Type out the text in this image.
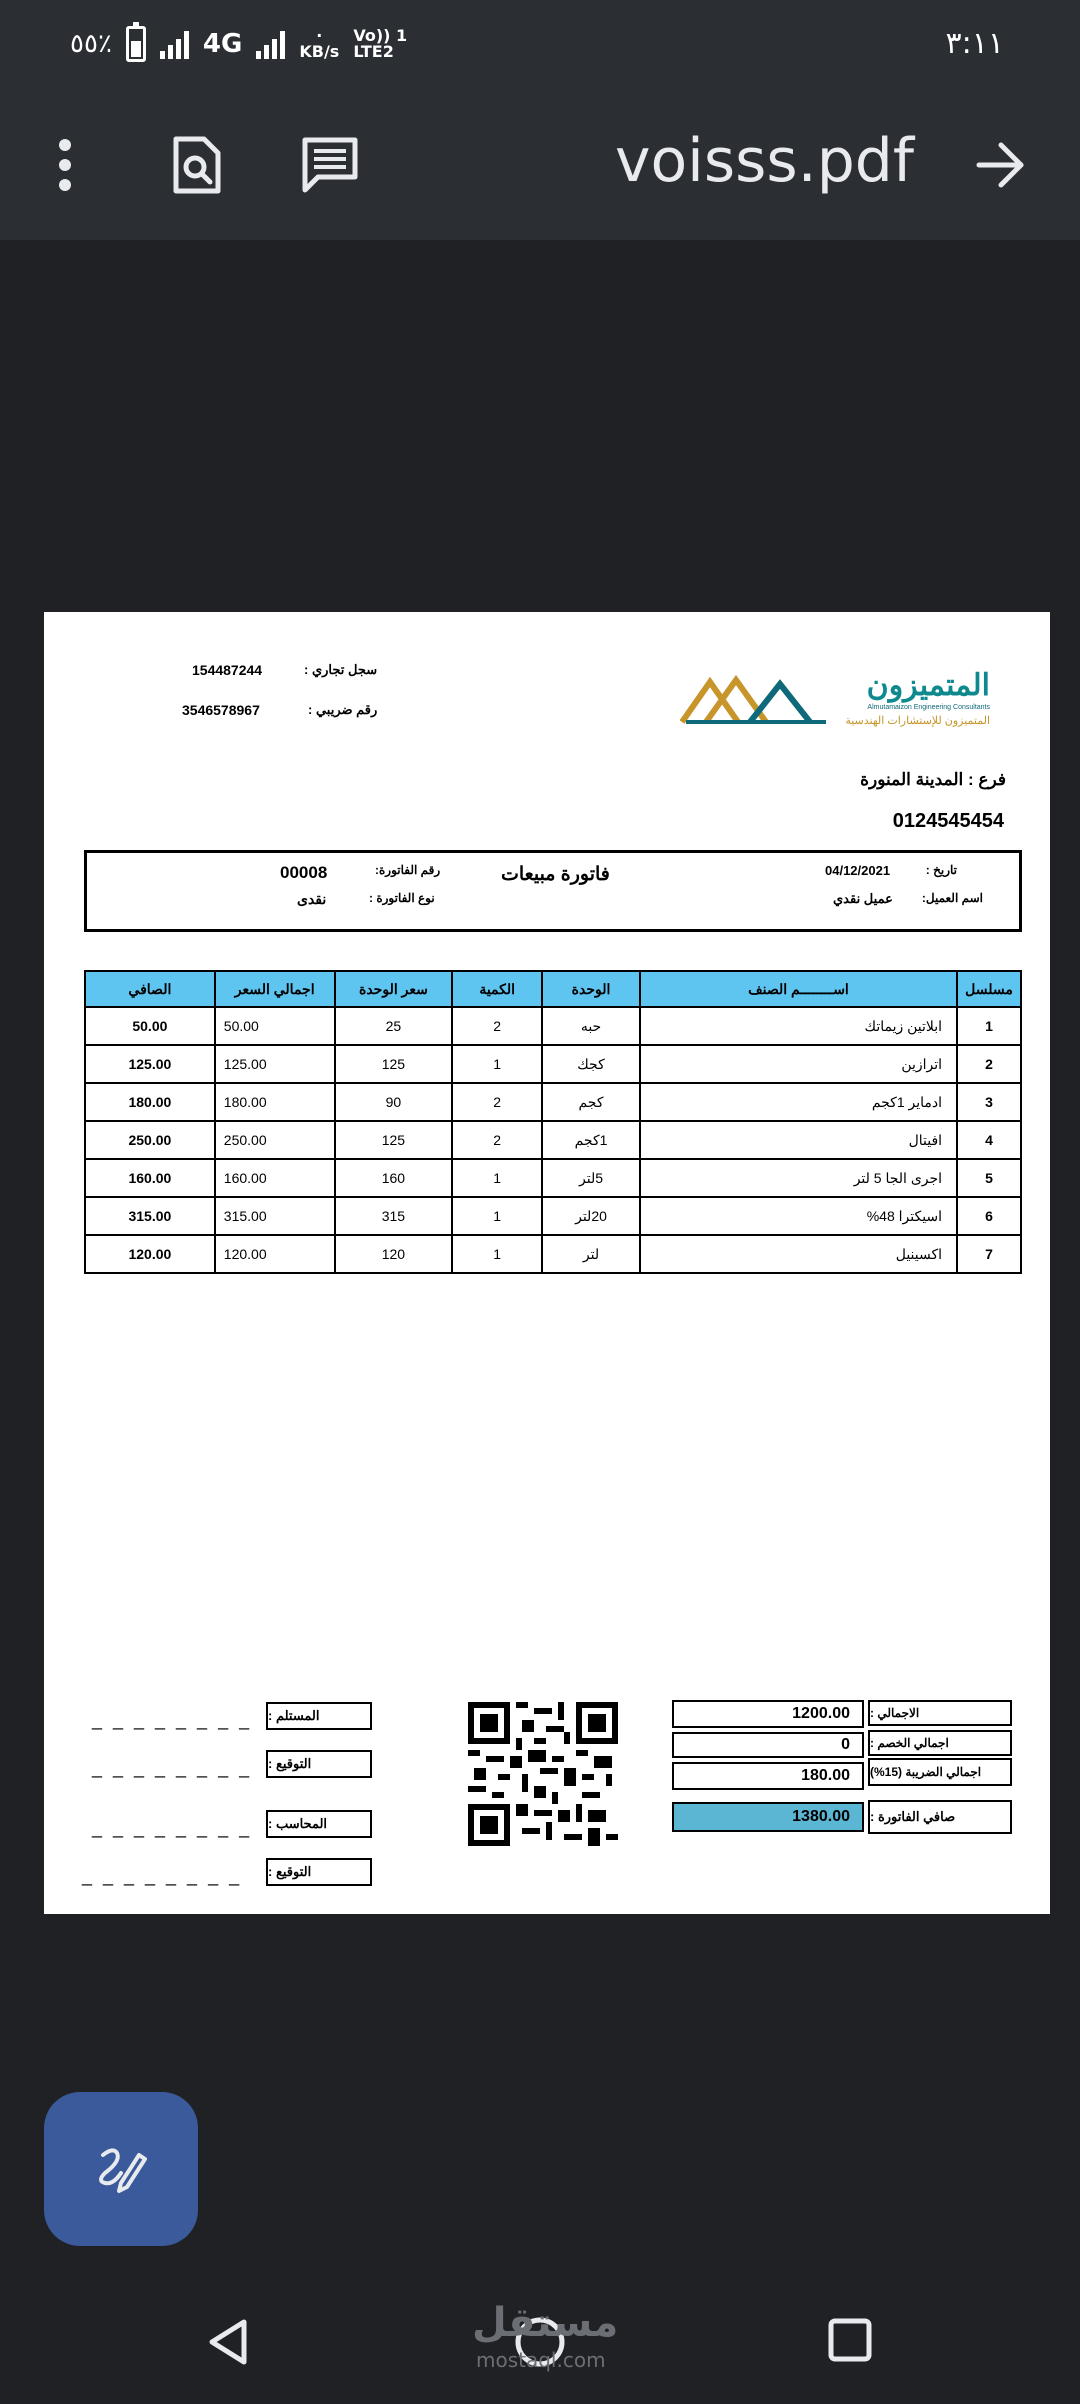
٥٥٪	4G	·
KB/s
Vo)) 1
LTE2	٣:١١
voisss.pdf
سجل تجاري :
154487244
رقم ضريبي :
3546578967
المتميزون
Almutamaizon Engineering Consultants
المتميزون للإستشارات الهندسية
فرع : المدينة المنورة
0124545454
تاريخ :
04/12/2021
اسم العميل:
عميل نقدي
فاتورة مبيعات
رقم الفاتورة:
00008
نوع الفاتورة :
نقدى
مسلسل	اســــــــم الصنف	الوحدة	الكمية	سعر الوحدة	اجمالي السعر	الصافي
1	ابلاتين زيماتك	حبه	2	25	50.00	50.00
2	اترازين	كجك	1	125	125.00	125.00
3	ادماير 1كجم	كجم	2	90	180.00	180.00
4	افيتال	1كجم	2	125	250.00	250.00
5	اجرى الجا 5 لتر	5لتر	1	160	160.00	160.00
6	اسيكترا 48%	20لتر	1	315	315.00	315.00
7	اكسينيل	لتر	1	120	120.00	120.00
المستلم :
_ _ _ _ _ _ _ _
التوقيع :
_ _ _ _ _ _ _ _
المحاسب :
_ _ _ _ _ _ _ _
التوقيع :
_ _ _ _ _ _ _ _
1200.00	الاجمالي :
0	اجمالي الخصم :
180.00	اجمالي الضريبة (15%)
1380.00	صافي الفاتورة :
مستقل
mostaql.com
